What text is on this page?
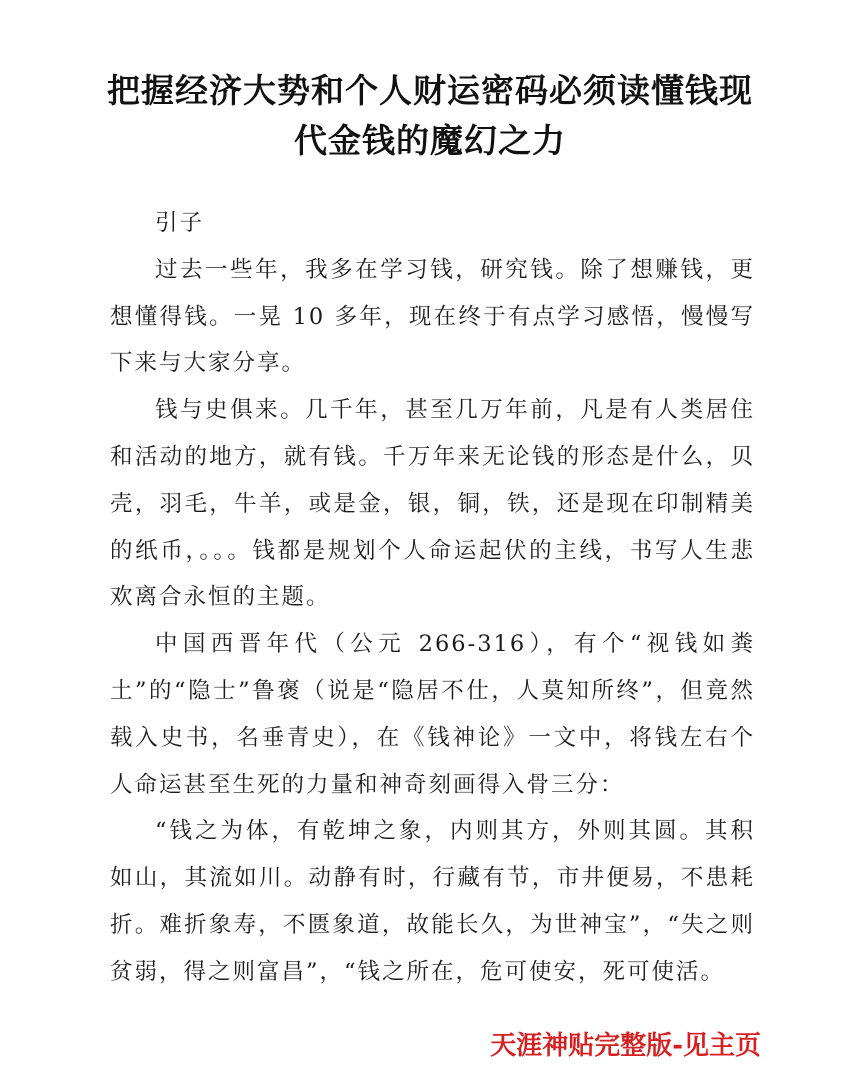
把握经济大势和个人财运密码必须读懂钱现
代金钱的魔幻之力

引子

过去一些年，我多在学习钱，研究钱。除了想赚钱，更想懂得钱。一晃 10 多年，现在终于有点学习感悟，慢慢写下来与大家分享。

钱与史俱来。几千年，甚至几万年前，凡是有人类居住和活动的地方，就有钱。千万年来无论钱的形态是什么，贝壳，羽毛，牛羊，或是金，银，铜，铁，还是现在印制精美的纸币，。。。钱都是规划个人命运起伏的主线，书写人生悲欢离合永恒的主题。

中国西晋年代（公元 266-316），有个“视钱如粪土”的“隐士”鲁褒（说是“隐居不仕，人莫知所终”，但竟然载入史书，名垂青史），在《钱神论》一文中，将钱左右个人命运甚至生死的力量和神奇刻画得入骨三分：

“钱之为体，有乾坤之象，内则其方，外则其圆。其积如山，其流如川。动静有时，行藏有节，市井便易，不患耗折。难折象寿，不匮象道，故能长久，为世神宝”，“失之则贫弱，得之则富昌”，“钱之所在，危可使安，死可使活。

天涯神贴完整版-见主页
